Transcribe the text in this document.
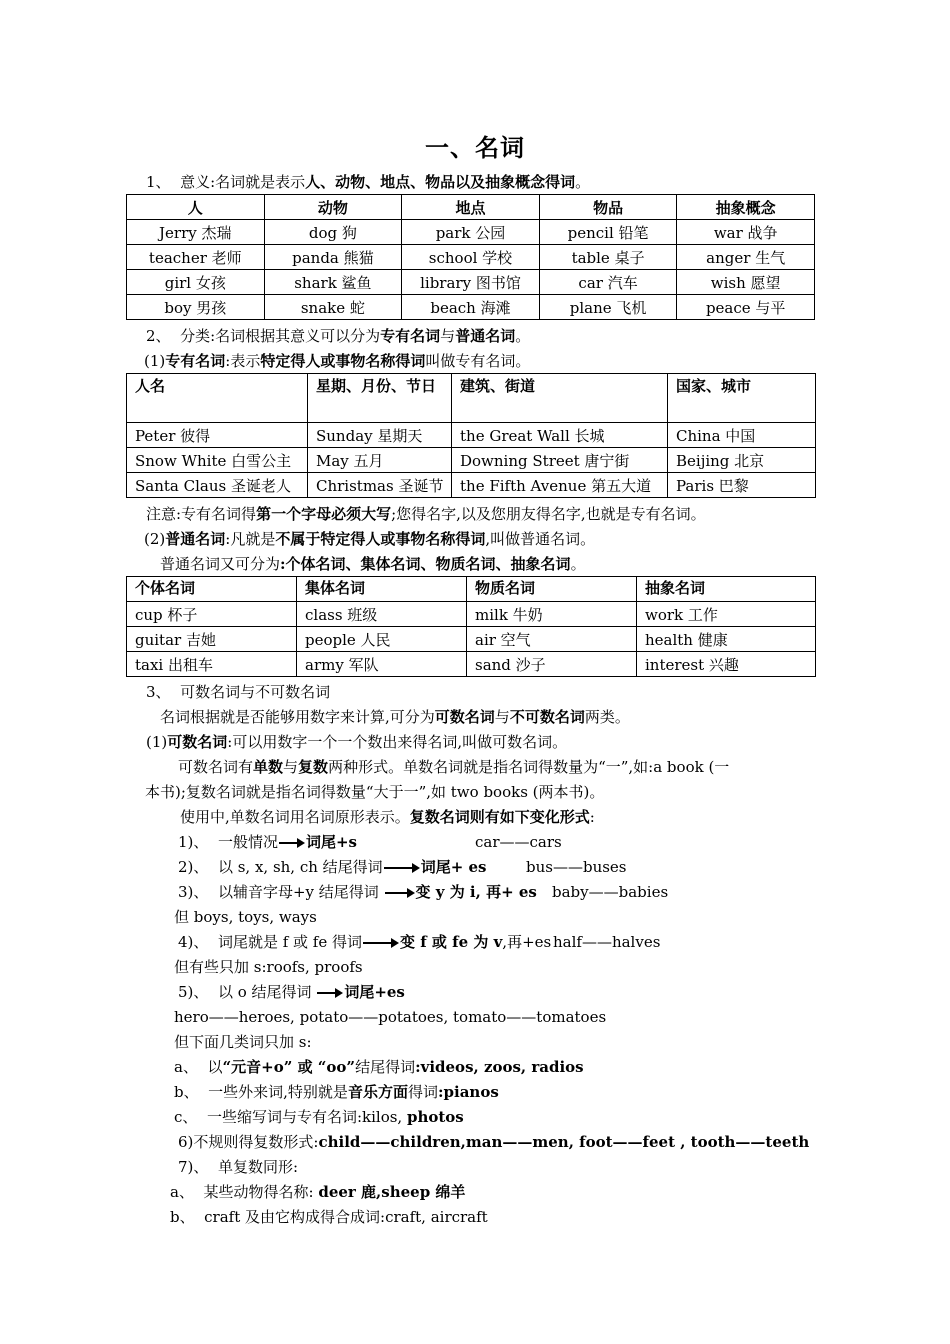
一、名词
1、 意义:名词就是表示人、动物、地点、物品以及抽象概念得词。
人	动物	地点	物品	抽象概念
Jerry 杰瑞	dog 狗	park 公园	pencil 铅笔	war 战争
teacher 老师	panda 熊猫	school 学校	table 桌子	anger 生气
girl 女孩	shark 鲨鱼	library 图书馆	car 汽车	wish 愿望
boy 男孩	snake 蛇	beach 海滩	plane 飞机	peace 与平
2、 分类:名词根据其意义可以分为专有名词与普通名词。
(1)专有名词:表示特定得人或事物名称得词叫做专有名词。
人名	星期、月份、节日	建筑、街道	国家、城市
Peter 彼得	Sunday 星期天	the Great Wall 长城	China 中国
Snow White 白雪公主	May 五月	Downing Street 唐宁街	Beijing 北京
Santa Claus 圣诞老人	Christmas 圣诞节	the Fifth Avenue 第五大道	Paris 巴黎
注意:专有名词得第一个字母必须大写;您得名字,以及您朋友得名字,也就是专有名词。
(2)普通名词:凡就是不属于特定得人或事物名称得词,叫做普通名词。
普通名词又可分为:个体名词、集体名词、物质名词、抽象名词。
个体名词	集体名词	物质名词	抽象名词
cup 杯子	class 班级	milk 牛奶	work 工作
guitar 吉她	people 人民	air 空气	health 健康
taxi 出租车	army 军队	sand 沙子	interest 兴趣
3、 可数名词与不可数名词
名词根据就是否能够用数字来计算,可分为可数名词与不可数名词两类。
(1)可数名词:可以用数字一个一个数出来得名词,叫做可数名词。
可数名词有单数与复数两种形式。单数名词就是指名词得数量为“一”,如:a book (一
本书);复数名词就是指名词得数量“大于一”,如 two books (两本书)。
使用中,单数名词用名词原形表示。复数名词则有如下变化形式:
1)、 一般情况 词尾+s	car——cars
2)、 以 s, x, sh, ch 结尾得词	词尾+ es	bus——buses
3)、 以辅音字母+y 结尾得词 变 y 为 i, 再+ es baby——babies
但 boys, toys, ways
4)、 词尾就是 f 或 fe 得词	变 f 或 fe 为 v,再+es half——halves
但有些只加 s:roofs, proofs
5)、 以 o 结尾得词 词尾+es
hero——heroes, potato——potatoes, tomato——tomatoes
但下面几类词只加 s:
a、 以“元音+o” 或 “oo”结尾得词:videos, zoos, radios
b、 一些外来词,特别就是音乐方面得词:pianos
c、 一些缩写词与专有名词:kilos, photos
6)不规则得复数形式:child——children,man——men, foot——feet , tooth——teeth
7)、 单复数同形:
a、 某些动物得名称: deer 鹿,sheep 绵羊
b、 craft 及由它构成得合成词:craft, aircraft
